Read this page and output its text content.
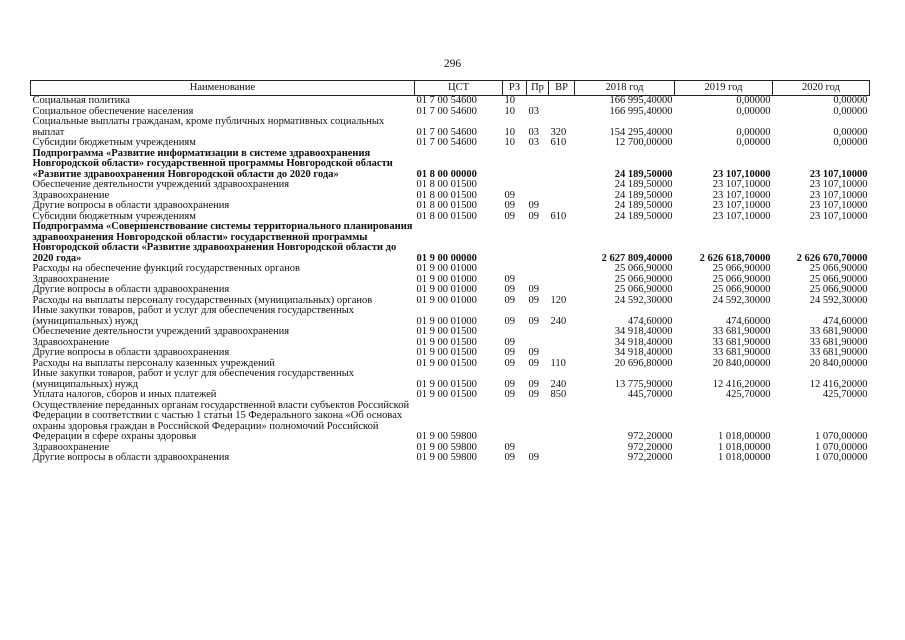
296
Наименование	ЦСТ	РЗ	Пр	ВР	2018 год	2019 год	2020 год
Социальная политика	01 7 00 54600	10			166 995,40000	0,00000	0,00000
Социальное обеспечение населения	01 7 00 54600	10	03		166 995,40000	0,00000	0,00000
Социальные выплаты гражданам, кроме публичных нормативных социальных выплат	01 7 00 54600	10	03	320	154 295,40000	0,00000	0,00000
Субсидии бюджетным учреждениям	01 7 00 54600	10	03	610	12 700,00000	0,00000	0,00000
Подпрограмма «Развитие информатизации в системе здравоохранения Новгородской области» государственной программы Новгородской области «Развитие здравоохранения Новгородской области до 2020 года»	01 8 00 00000				24 189,50000	23 107,10000	23 107,10000
Обеспечение деятельности учреждений здравоохранения	01 8 00 01500				24 189,50000	23 107,10000	23 107,10000
Здравоохранение	01 8 00 01500	09			24 189,50000	23 107,10000	23 107,10000
Другие вопросы в области здравоохранения	01 8 00 01500	09	09		24 189,50000	23 107,10000	23 107,10000
Субсидии бюджетным учреждениям	01 8 00 01500	09	09	610	24 189,50000	23 107,10000	23 107,10000
Подпрограмма «Совершенствование системы территориального планирования здравоохранения Новгородской области» государственной программы Новгородской области «Развитие здравоохранения Новгородской области до 2020 года»	01 9 00 00000				2 627 809,40000	2 626 618,70000	2 626 670,70000
Расходы на обеспечение функций государственных органов	01 9 00 01000				25 066,90000	25 066,90000	25 066,90000
Здравоохранение	01 9 00 01000	09			25 066,90000	25 066,90000	25 066,90000
Другие вопросы в области здравоохранения	01 9 00 01000	09	09		25 066,90000	25 066,90000	25 066,90000
Расходы на выплаты персоналу государственных (муниципальных) органов	01 9 00 01000	09	09	120	24 592,30000	24 592,30000	24 592,30000
Иные закупки товаров, работ и услуг для обеспечения государственных (муниципальных) нужд	01 9 00 01000	09	09	240	474,60000	474,60000	474,60000
Обеспечение деятельности учреждений здравоохранения	01 9 00 01500				34 918,40000	33 681,90000	33 681,90000
Здравоохранение	01 9 00 01500	09			34 918,40000	33 681,90000	33 681,90000
Другие вопросы в области здравоохранения	01 9 00 01500	09	09		34 918,40000	33 681,90000	33 681,90000
Расходы на выплаты персоналу казенных учреждений	01 9 00 01500	09	09	110	20 696,80000	20 840,00000	20 840,00000
Иные закупки товаров, работ и услуг для обеспечения государственных (муниципальных) нужд	01 9 00 01500	09	09	240	13 775,90000	12 416,20000	12 416,20000
Уплата налогов, сборов и иных платежей	01 9 00 01500	09	09	850	445,70000	425,70000	425,70000
Осуществление переданных органам государственной власти субъектов Российской Федерации в соответствии с частью 1 статьи 15 Федерального закона «Об основах охраны здоровья граждан в Российской Федерации» полномочий Российской Федерации в сфере охраны здоровья	01 9 00 59800				972,20000	1 018,00000	1 070,00000
Здравоохранение	01 9 00 59800	09			972,20000	1 018,00000	1 070,00000
Другие вопросы в области здравоохранения	01 9 00 59800	09	09		972,20000	1 018,00000	1 070,00000
